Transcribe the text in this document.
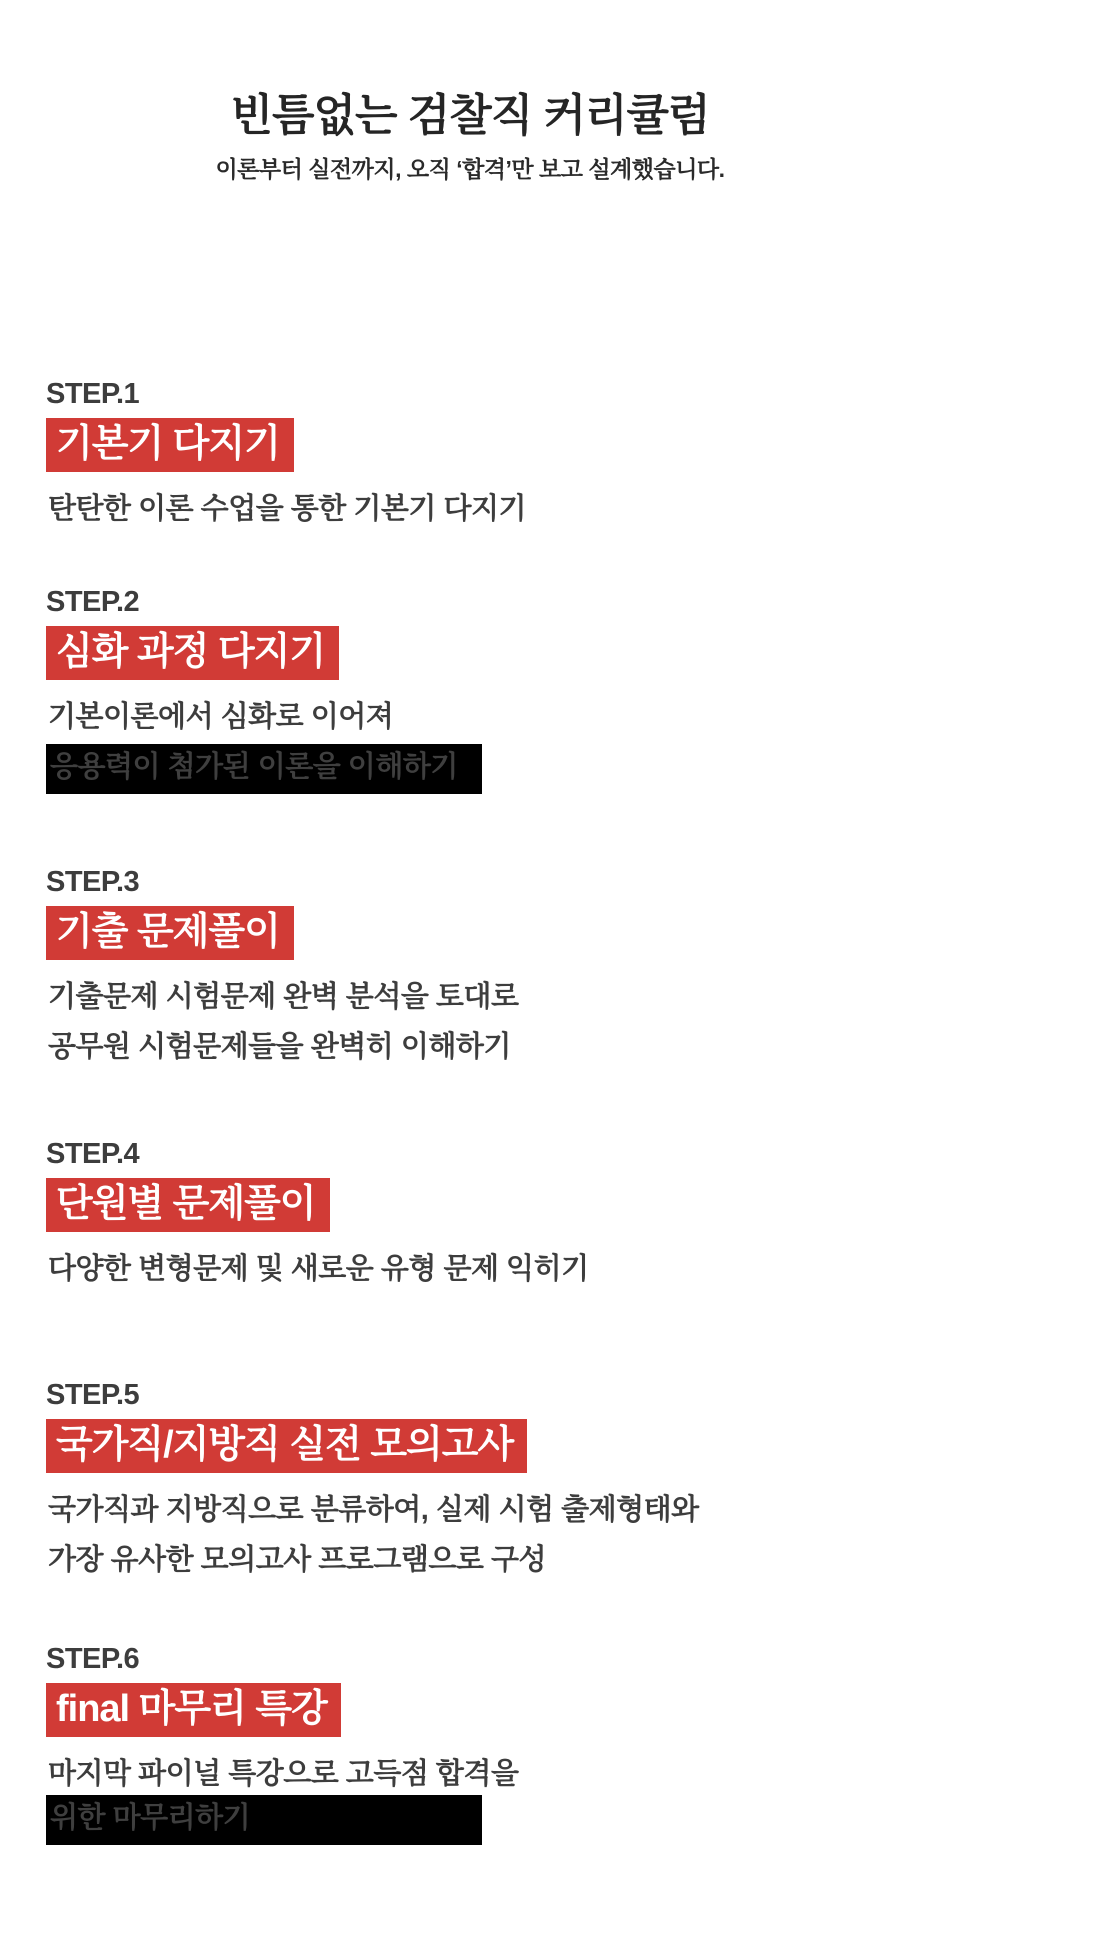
빈틈없는 검찰직 커리큘럼

이론부터 실전까지, 오직 ‘합격’만 보고 설계했습니다.

STEP.1
기본기 다지기
탄탄한 이론 수업을 통한 기본기 다지기
STEP.2
심화 과정 다지기
기본이론에서 심화로 이어져
응용력이 첨가된 이론을 이해하기
STEP.3
기출 문제풀이
기출문제 시험문제 완벽 분석을 토대로
공무원 시험문제들을 완벽히 이해하기
STEP.4
단원별 문제풀이
다양한 변형문제 및 새로운 유형 문제 익히기
STEP.5
국가직/지방직 실전 모의고사
국가직과 지방직으로 분류하여, 실제 시험 출제형태와
가장 유사한 모의고사 프로그램으로 구성
STEP.6
final 마무리 특강
마지막 파이널 특강으로 고득점 합격을
위한 마무리하기
